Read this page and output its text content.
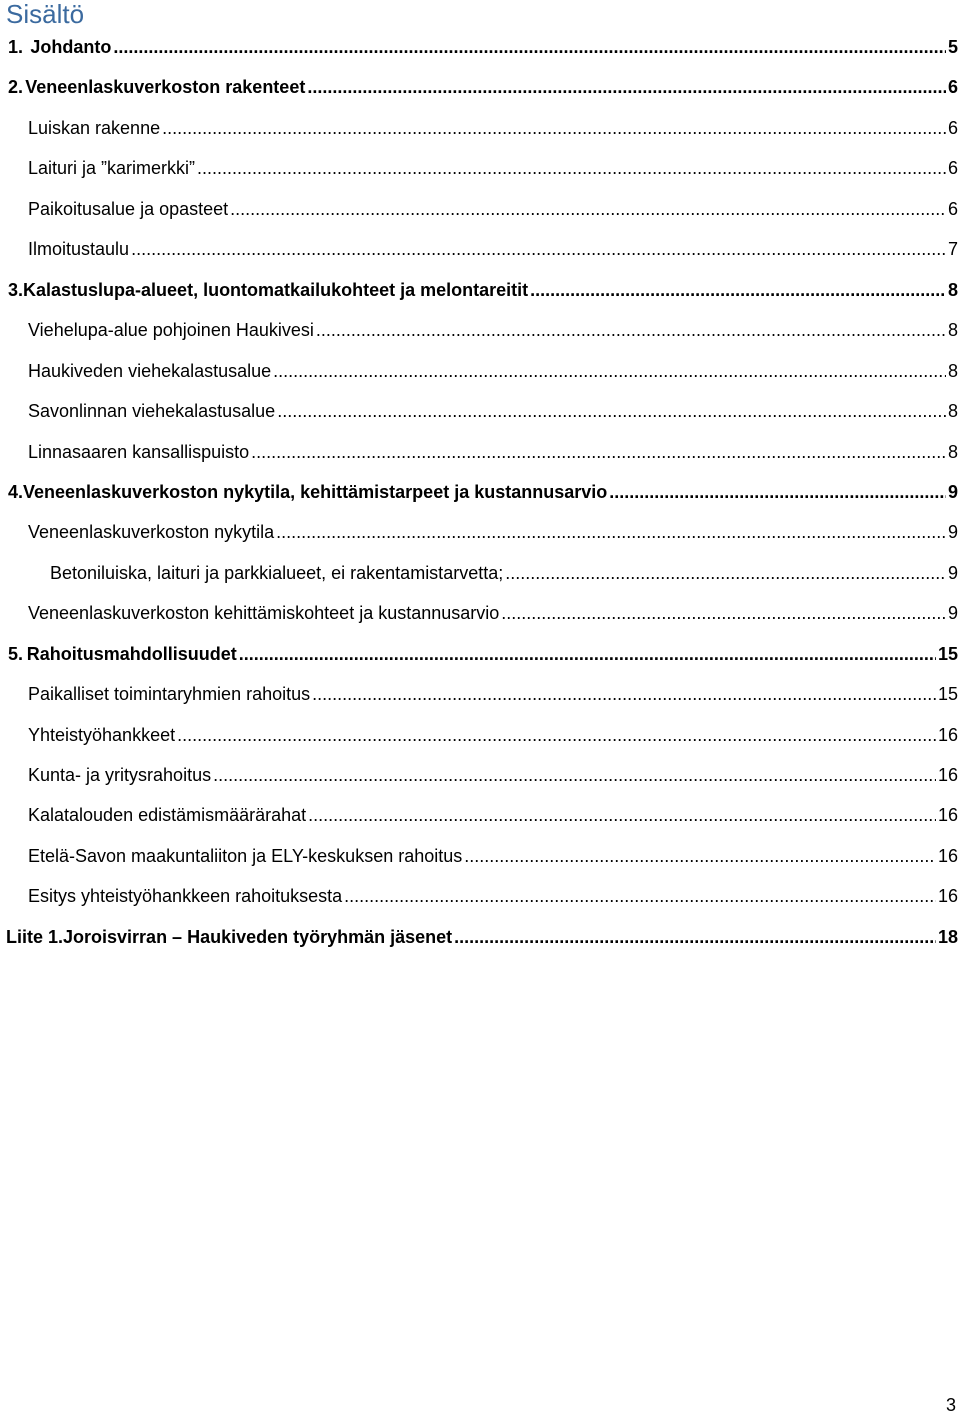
Sisältö
1. Johdanto .....	5
2. Veneenlaskuverkoston rakenteet .....	6
Luiskan rakenne .....	6
Laituri ja ”karimerkki” .....	6
Paikoitusalue ja opasteet .....	6
Ilmoitustaulu .....	7
3. Kalastuslupa-alueet, luontomatkailukohteet ja melontareitit .....	8
Viehelupa-alue pohjoinen Haukivesi .....	8
Haukiveden viehekalastusalue .....	8
Savonlinnan viehekalastusalue .....	8
Linnasaaren kansallispuisto .....	8
4. Veneenlaskuverkoston nykytila, kehittämistarpeet ja kustannusarvio .....	9
Veneenlaskuverkoston nykytila .....	9
Betoniluiska, laituri ja parkkialueet, ei rakentamistarvetta; .....	9
Veneenlaskuverkoston kehittämiskohteet ja kustannusarvio .....	9
5. Rahoitusmahdollisuudet .....	15
Paikalliset toimintaryhmien rahoitus .....	15
Yhteistyöhankkeet .....	16
Kunta- ja yritysrahoitus .....	16
Kalatalouden edistämismäärärahat .....	16
Etelä-Savon maakuntaliiton ja ELY-keskuksen rahoitus .....	16
Esitys yhteistyöhankkeen rahoituksesta .....	16
Liite 1. Joroisvirran – Haukiveden työryhmän jäsenet .....	18
3
